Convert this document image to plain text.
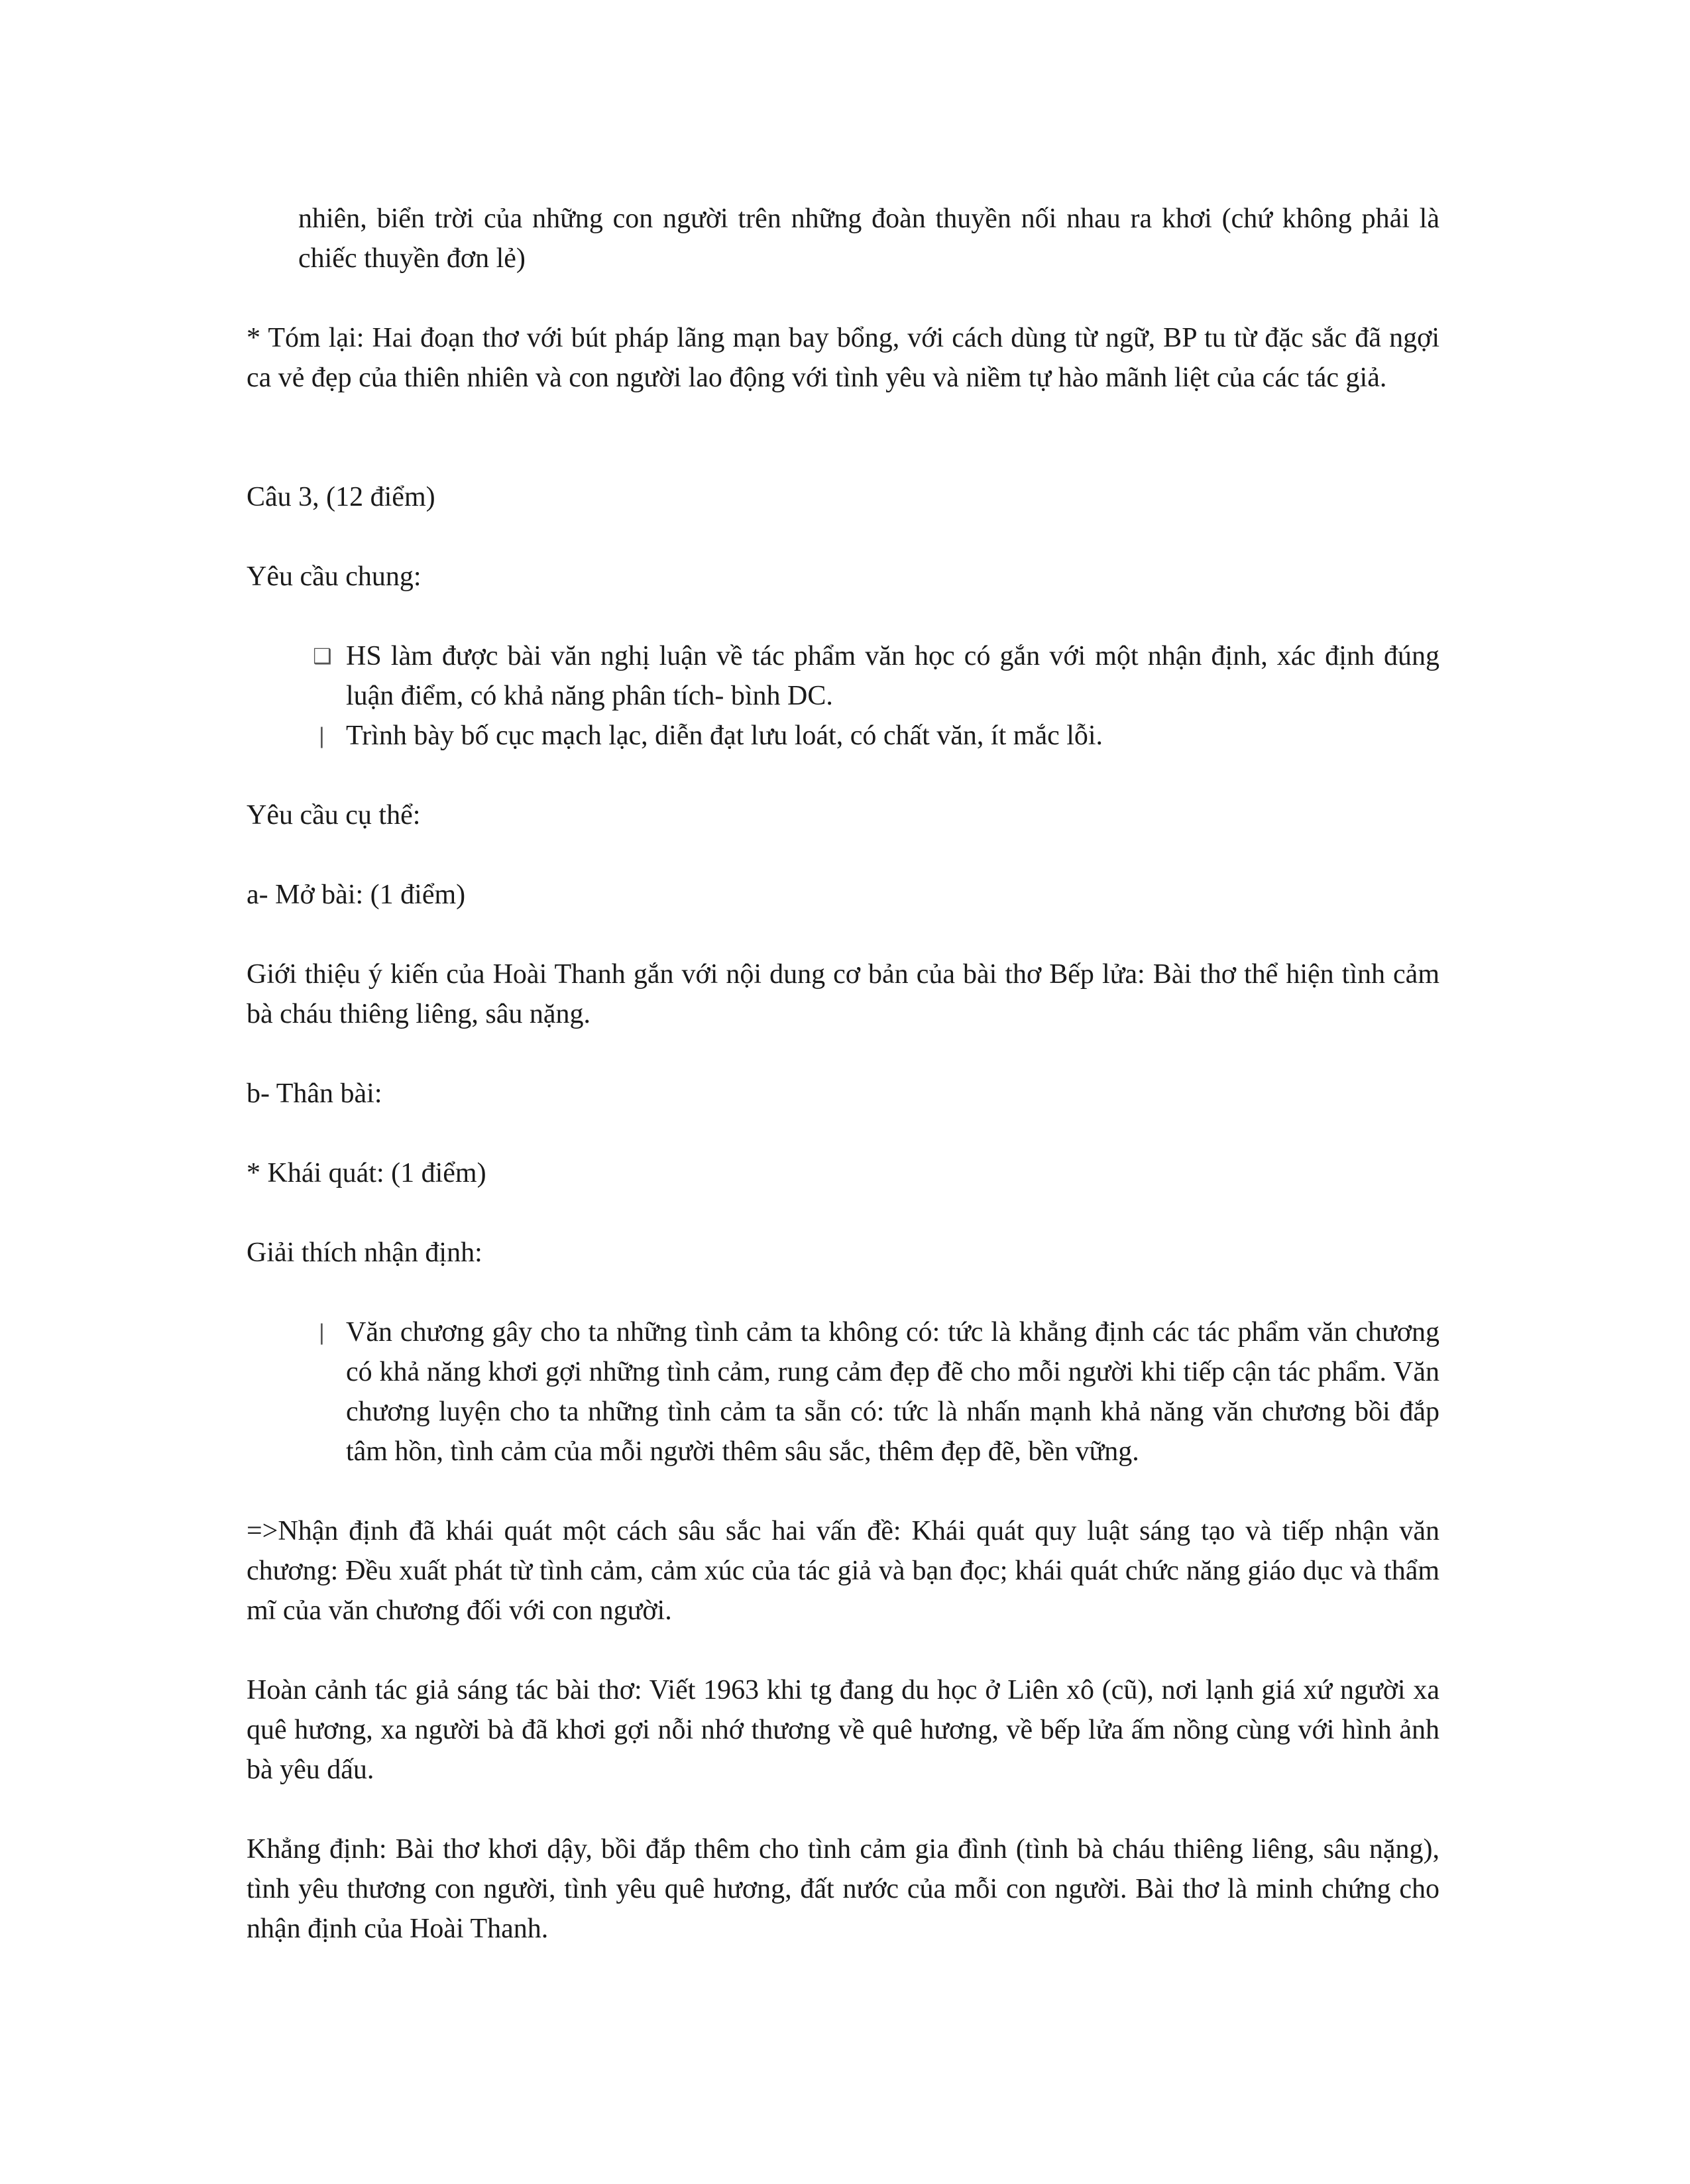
nhiên, biển trời của những con người trên những đoàn thuyền nối nhau ra khơi (chứ không phải là chiếc thuyền đơn lẻ)

* Tóm lại: Hai đoạn thơ với bút pháp lãng mạn bay bổng, với cách dùng từ ngữ, BP tu từ đặc sắc đã ngợi ca vẻ đẹp của thiên nhiên và con người lao động với tình yêu và niềm tự hào mãnh liệt của các tác giả.

Câu 3, (12 điểm)

Yêu cầu chung:

❑ HS làm được bài văn nghị luận về tác phẩm văn học có gắn với một nhận định, xác định đúng luận điểm, có khả năng phân tích- bình DC.

❘ Trình bày bố cục mạch lạc, diễn đạt lưu loát, có chất văn, ít mắc lỗi.

Yêu cầu cụ thể:

a- Mở bài: (1 điểm)

Giới thiệu ý kiến của Hoài Thanh gắn với nội dung cơ bản của bài thơ Bếp lửa: Bài thơ thể hiện tình cảm bà cháu thiêng liêng, sâu nặng.

b- Thân bài:

* Khái quát: (1 điểm)

Giải thích nhận định:

❘ Văn chương gây cho ta những tình cảm ta không có: tức là khẳng định các tác phẩm văn chương có khả năng khơi gợi những tình cảm, rung cảm đẹp đẽ cho mỗi người khi tiếp cận tác phẩm. Văn chương luyện cho ta những tình cảm ta sẵn có: tức là nhấn mạnh khả năng văn chương bồi đắp tâm hồn, tình cảm của mỗi người thêm sâu sắc, thêm đẹp đẽ, bền vững.

=>Nhận định đã khái quát một cách sâu sắc hai vấn đề: Khái quát quy luật sáng tạo và tiếp nhận văn chương: Đều xuất phát từ tình cảm, cảm xúc của tác giả và bạn đọc; khái quát chức năng giáo dục và thẩm mĩ của văn chương đối với con người.

Hoàn cảnh tác giả sáng tác bài thơ: Viết 1963 khi tg đang du học ở Liên xô (cũ), nơi lạnh giá xứ người xa quê hương, xa người bà đã khơi gợi nỗi nhớ thương về quê hương, về bếp lửa ấm nồng cùng với hình ảnh bà yêu dấu.

Khẳng định: Bài thơ khơi dậy, bồi đắp thêm cho tình cảm gia đình (tình bà cháu thiêng liêng, sâu nặng), tình yêu thương con người, tình yêu quê hương, đất nước của mỗi con người. Bài thơ là minh chứng cho nhận định của Hoài Thanh.
